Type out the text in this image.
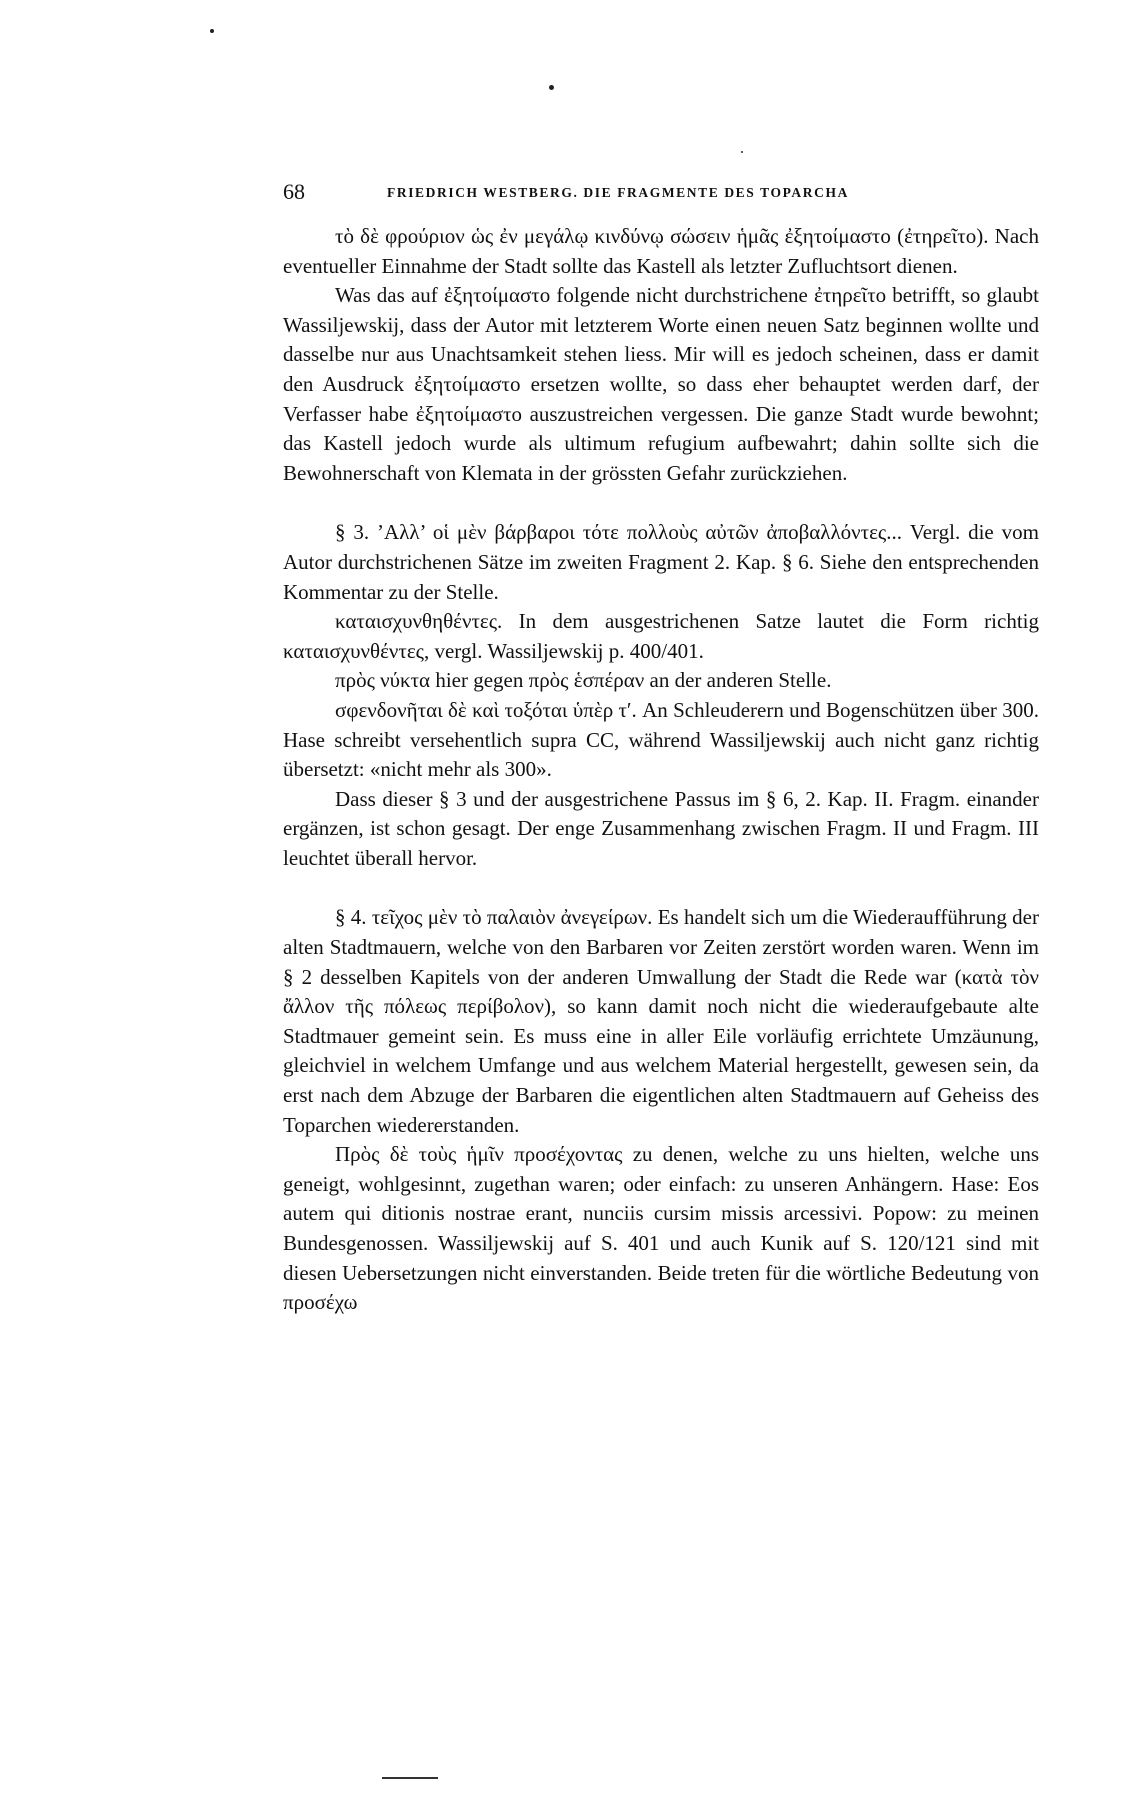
68	FRIEDRICH WESTBERG. DIE FRAGMENTE DES TOPARCHA

τὸ δὲ φρούριον ὡς ἐν μεγάλῳ κινδύνῳ σώσειν ἡμᾶς ἐξητοίμαστο (ἐτηρεῖτο). Nach eventueller Einnahme der Stadt sollte das Kastell als letzter Zufluchtsort dienen.

Was das auf ἐξητοίμαστο folgende nicht durchstrichene ἐτηρεῖτο betrifft, so glaubt Wassiljewskij, dass der Autor mit letzterem Worte einen neuen Satz beginnen wollte und dasselbe nur aus Unachtsamkeit stehen liess. Mir will es jedoch scheinen, dass er damit den Ausdruck ἐξητοίμαστο ersetzen wollte, so dass eher behauptet werden darf, der Verfasser habe ἐξητοίμαστο auszustreichen vergessen. Die ganze Stadt wurde bewohnt; das Kastell jedoch wurde als ultimum refugium aufbewahrt; dahin sollte sich die Bewohnerschaft von Klemata in der grössten Gefahr zurückziehen.

§ 3. ’Αλλ’ οἱ μὲν βάρβαροι τότε πολλοὺς αὐτῶν ἀποβαλλόντες... Vergl. die vom Autor durchstrichenen Sätze im zweiten Fragment 2. Kap. § 6. Siehe den entsprechenden Kommentar zu der Stelle.

καταισχυνθηθέντες. In dem ausgestrichenen Satze lautet die Form richtig καταισχυνθέντες, vergl. Wassiljewskij p. 400/401.

πρὸς νύκτα hier gegen πρὸς ἑσπέραν an der anderen Stelle.

σφενδονῆται δὲ καὶ τοξόται ὑπὲρ τ′. An Schleuderern und Bogenschützen über 300. Hase schreibt versehentlich supra CC, während Wassiljewskij auch nicht ganz richtig übersetzt: «nicht mehr als 300».

Dass dieser § 3 und der ausgestrichene Passus im § 6, 2. Kap. II. Fragm. einander ergänzen, ist schon gesagt. Der enge Zusammenhang zwischen Fragm. II und Fragm. III leuchtet überall hervor.

§ 4. τεῖχος μὲν τὸ παλαιὸν ἀνεγείρων. Es handelt sich um die Wiederaufführung der alten Stadtmauern, welche von den Barbaren vor Zeiten zerstört worden waren. Wenn im § 2 desselben Kapitels von der anderen Umwallung der Stadt die Rede war (κατὰ τὸν ἄλλον τῆς πόλεως περίβολον), so kann damit noch nicht die wiederaufgebaute alte Stadtmauer gemeint sein. Es muss eine in aller Eile vorläufig errichtete Umzäunung, gleichviel in welchem Umfange und aus welchem Material hergestellt, gewesen sein, da erst nach dem Abzuge der Barbaren die eigentlichen alten Stadtmauern auf Geheiss des Toparchen wiedererstanden.

Πρὸς δὲ τοὺς ἡμῖν προσέχοντας zu denen, welche zu uns hielten, welche uns geneigt, wohlgesinnt, zugethan waren; oder einfach: zu unseren Anhängern. Hase: Eos autem qui ditionis nostrae erant, nunciis cursim missis arcessivi. Popow: zu meinen Bundesgenossen. Wassiljewskij auf S. 401 und auch Kunik auf S. 120/121 sind mit diesen Uebersetzungen nicht einverstanden. Beide treten für die wörtliche Bedeutung von προσέχω
